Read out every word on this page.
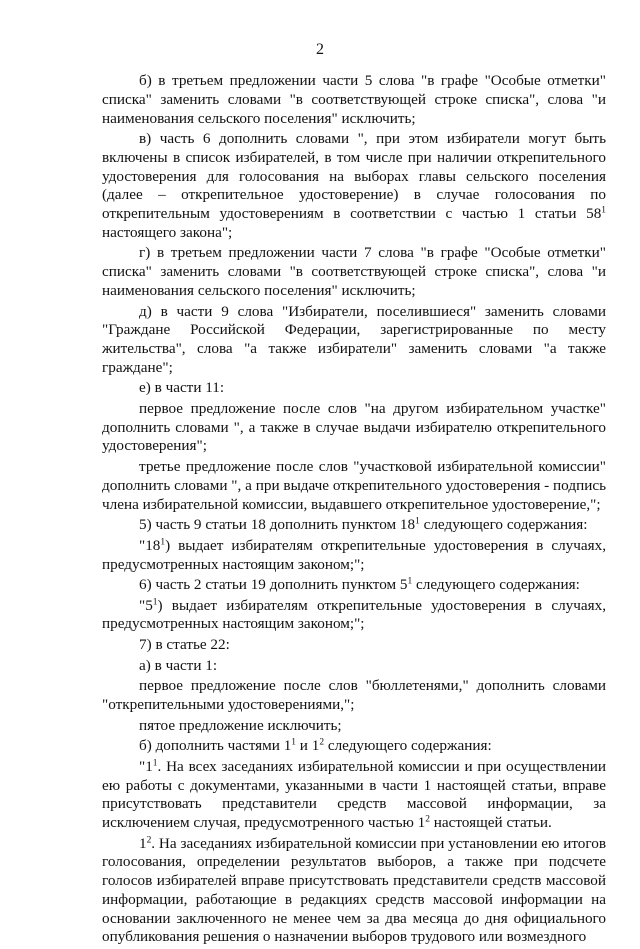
2

б) в третьем предложении части 5 слова "в графе "Особые отметки" списка" заменить словами "в соответствующей строке списка", слова "и наименования сельского поселения" исключить;

в) часть 6 дополнить словами ", при этом избиратели могут быть включены в список избирателей, в том числе при наличии открепительного удостоверения для голосования на выборах главы сельского поселения (далее – открепительное удостоверение) в случае голосования по открепительным удостоверениям в соответствии с частью 1 статьи $58^1$ настоящего закона";

г) в третьем предложении части 7 слова "в графе "Особые отметки" списка" заменить словами "в соответствующей строке списка", слова "и наименования сельского поселения" исключить;

д) в части 9 слова "Избиратели, поселившиеся" заменить словами "Граждане Российской Федерации, зарегистрированные по месту жительства", слова "а также избиратели" заменить словами "а также граждане";

е) в части 11:

первое предложение после слов "на другом избирательном участке" дополнить словами ", а также в случае выдачи избирателю открепительного удостоверения";

третье предложение после слов "участковой избирательной комиссии" дополнить словами ", а при выдаче открепительного удостоверения - подпись члена избирательной комиссии, выдавшего открепительное удостоверение,";

5) часть 9 статьи 18 дополнить пунктом $18^1$ следующего содержания:

"$18^1$) выдает избирателям открепительные удостоверения в случаях, предусмотренных настоящим законом;";

6) часть 2 статьи 19 дополнить пунктом $5^1$ следующего содержания:

"$5^1$) выдает избирателям открепительные удостоверения в случаях, предусмотренных настоящим законом;";

7) в статье 22:

а) в части 1:

первое предложение после слов "бюллетенями," дополнить словами "открепительными удостоверениями,";

пятое предложение исключить;

б) дополнить частями $1^1$ и $1^2$ следующего содержания:

"$1^1$. На всех заседаниях избирательной комиссии и при осуществлении ею работы с документами, указанными в части 1 настоящей статьи, вправе присутствовать представители средств массовой информации, за исключением случая, предусмотренного частью $1^2$ настоящей статьи.

$1^2$. На заседаниях избирательной комиссии при установлении ею итогов голосования, определении результатов выборов, а также при подсчете голосов избирателей вправе присутствовать представители средств массовой информации, работающие в редакциях средств массовой информации на основании заключенного не менее чем за два месяца до дня официального опубликования решения о назначении выборов трудового или возмездного
